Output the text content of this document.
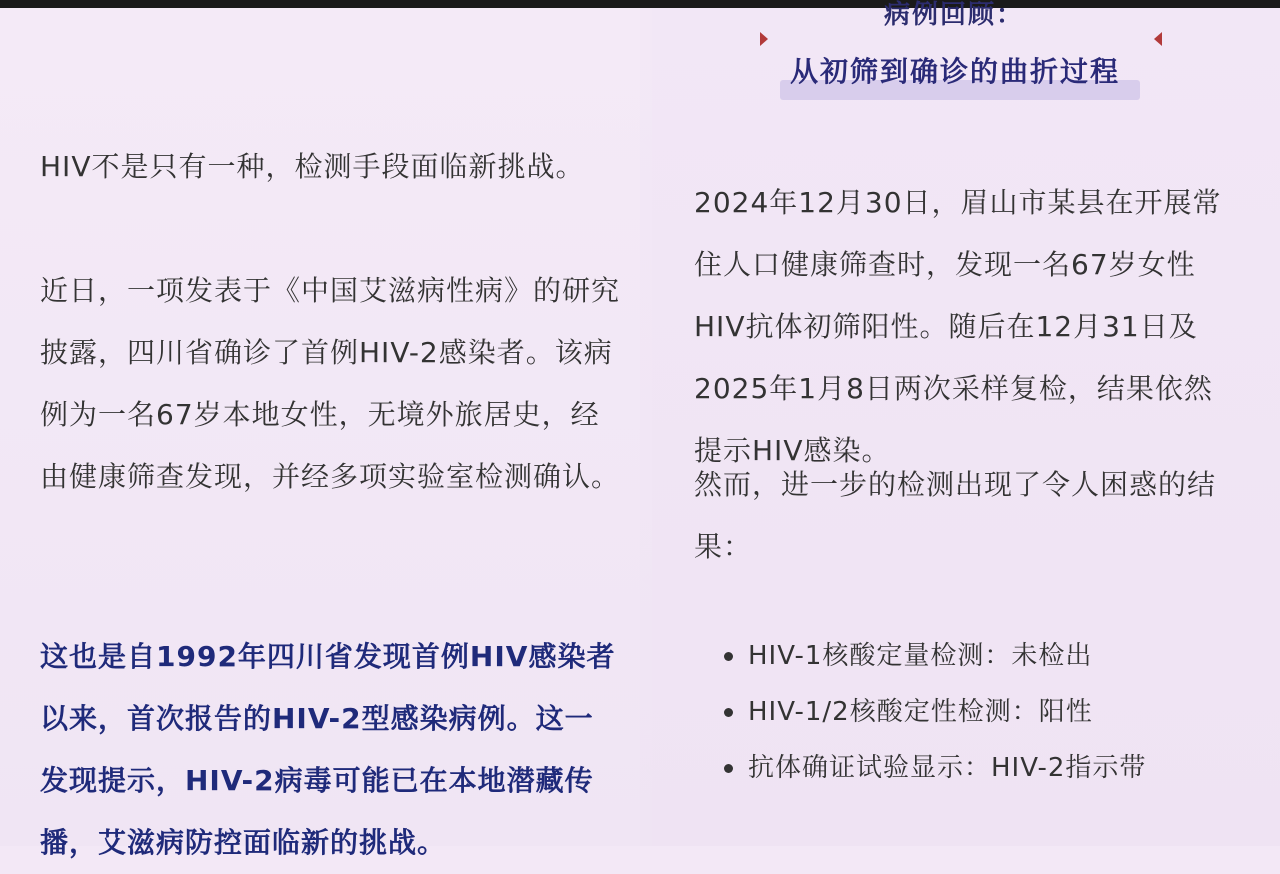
病例回顾：
从初筛到确诊的曲折过程

HIV不是只有一种，检测手段面临新挑战。

近日，一项发表于《中国艾滋病性病》的研究披露，四川省确诊了首例HIV-2感染者。该病例为一名67岁本地女性，无境外旅居史，经由健康筛查发现，并经多项实验室检测确认。

这也是自1992年四川省发现首例HIV感染者以来，首次报告的HIV-2型感染病例。这一发现提示，HIV-2病毒可能已在本地潜藏传播，艾滋病防控面临新的挑战。

2024年12月30日，眉山市某县在开展常住人口健康筛查时，发现一名67岁女性HIV抗体初筛阳性。随后在12月31日及2025年1月8日两次采样复检，结果依然提示HIV感染。

然而，进一步的检测出现了令人困惑的结果：

HIV-1核酸定量检测：未检出
HIV-1/2核酸定性检测：阳性
抗体确证试验显示：HIV-2指示带
